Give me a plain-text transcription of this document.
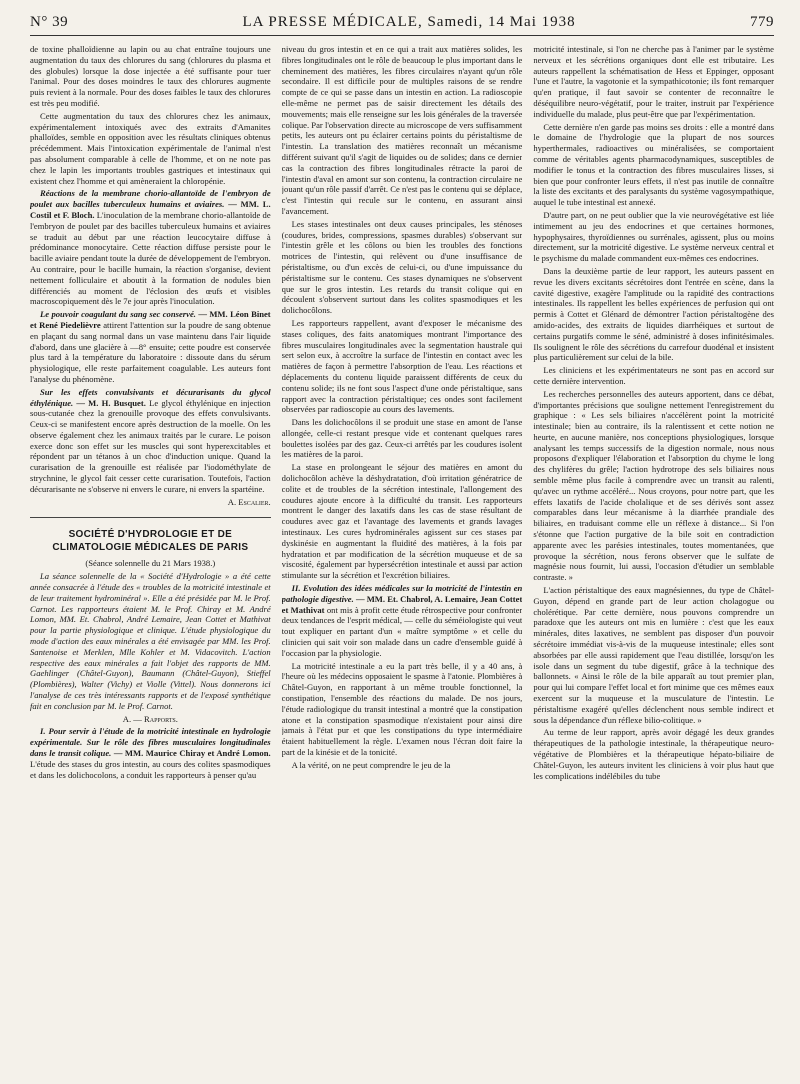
N° 39	LA PRESSE MÉDICALE, Samedi, 14 Mai 1938	779

de toxine phalloïdienne au lapin ou au chat entraîne toujours une augmentation du taux des chlorures du sang (chlorures du plasma et des globules) lorsque la dose injectée a été suffisante pour tuer l'animal. Pour des doses moindres le taux des chlorures augmente puis revient à la normale. Pour des doses faibles le taux des chlorures est très peu modifié.

Cette augmentation du taux des chlorures chez les animaux, expérimentalement intoxiqués avec des extraits d'Amanites phalloïdes, semble en opposition avec les résultats cliniques obtenus précédemment. Mais l'intoxication expérimentale de l'animal n'est pas absolument comparable à celle de l'homme, et on ne note pas chez le lapin les importants troubles gastriques et intestinaux qui existent chez l'homme et qui amèneraient la chloropénie.

Réactions de la membrane chorio-allantoïde de l'embryon de poulet aux bacilles tuberculeux humains et aviaires. — MM. L. Costil et F. Bloch. L'inoculation de la membrane chorio-allantoïde de l'embryon de poulet par des bacilles tuberculeux humains et aviaires se traduit au début par une réaction leucocytaire diffuse à prédominance monocytaire. Cette réaction diffuse persiste pour le bacille aviaire pendant toute la durée de développement de l'embryon. Au contraire, pour le bacille humain, la réaction s'organise, devient nettement folliculaire et aboutit à la formation de nodules bien différenciés au moment de l'éclosion des œufs et visibles macroscopiquement dès le 7e jour après l'inoculation.

Le pouvoir coagulant du sang sec conservé. — MM. Léon Binet et René Piedelièvre attirent l'attention sur la poudre de sang obtenue en plaçant du sang normal dans un vase maintenu dans l'air liquide d'abord, dans une glacière à —8° ensuite; cette poudre est conservée plus tard à la température du laboratoire : dissoute dans du sérum physiologique, elle reste parfaitement coagulable. Les auteurs font l'analyse du phénomène.

Sur les effets convulsivants et décurarisants du glycol éthylénique. — M. H. Busquet. Le glycol éthylénique en injection sous-cutanée chez la grenouille provoque des effets convulsivants. Ceux-ci se manifestent encore après destruction de la moelle. On les observe également chez les animaux traités par le curare. Le poison exerce donc son effet sur les muscles qui sont hyperexcitables et répondent par un tétanos à un choc d'induction unique. Quand la curarisation de la grenouille est réalisée par l'iodométhylate de strychnine, le glycol fait cesser cette curarisation. Toutefois, l'action décurarisante ne s'observe ni envers le curare, ni envers la spartéine.

A. Escalier.

SOCIÉTÉ D'HYDROLOGIE ET DE CLIMATOLOGIE MÉDICALES DE PARIS

(Séance solennelle du 21 Mars 1938.)

La séance solennelle de la « Société d'Hydrologie » a été cette année consacrée à l'étude des « troubles de la motricité intestinale et de leur traitement hydrominéral ». Elle a été présidée par M. le Prof. Carnot. Les rapporteurs étaient M. le Prof. Chiray et M. André Lomon, MM. Et. Chabrol, André Lemaire, Jean Cottet et Mathivat pour la partie physiologique et clinique. L'étude physiologique du mode d'action des eaux minérales a été envisagée par MM. les Prof. Santenoise et Merklen, Mlle Kohler et M. Vidacovitch. L'action respective des eaux minérales a fait l'objet des rapports de MM. Gaehlinger (Châtel-Guyon), Baumann (Châtel-Guyon), Stieffel (Plombières), Walter (Vichy) et Violle (Vittel). Nous donnerons ici l'analyse de ces très intéressants rapports et de l'exposé synthétique fait en conclusion par M. le Prof. Carnot.

A. — Rapports.

I. Pour servir à l'étude de la motricité intestinale en hydrologie expérimentale. Sur le rôle des fibres musculaires longitudinales dans le transit colique. — MM. Maurice Chiray et André Lomon. L'étude des stases du gros intestin, au cours des colites spasmodiques et dans les dolichocolons, a conduit les rapporteurs à penser qu'au

niveau du gros intestin et en ce qui a trait aux matières solides, les fibres longitudinales ont le rôle de beaucoup le plus important dans le cheminement des matières, les fibres circulaires n'ayant qu'un rôle secondaire. Il est difficile pour de multiples raisons de se rendre compte de ce qui se passe dans un intestin en action. La radioscopie elle-même ne permet pas de saisir directement les détails des mouvements; mais elle renseigne sur les lois générales de la traversée colique. Par l'observation directe au microscope de vers suffisamment petits, les auteurs ont pu éclairer certains points du péristaltisme de l'intestin. La translation des matières reconnaît un mécanisme différent suivant qu'il s'agit de liquides ou de solides; dans ce dernier cas la contraction des fibres longitudinales rétracte la paroi de l'intestin d'aval en amont sur son contenu, la contraction circulaire ne jouant qu'un rôle passif d'arrêt. Ce n'est pas le contenu qui se déplace, c'est l'intestin qui recule sur le contenu, en assurant ainsi l'avancement.

Les stases intestinales ont deux causes principales, les sténoses (coudures, brides, compressions, spasmes durables) s'observant sur l'intestin grêle et les côlons ou bien les troubles des fonctions motrices de l'intestin, qui relèvent ou d'une insuffisance de péristaltisme, ou d'un excès de celui-ci, ou d'une impuissance du péristaltisme sur le contenu. Ces stases dynamiques ne s'observent que sur le gros intestin. Les retards du transit colique qui en découlent s'observent surtout dans les colites spasmodiques et les dolichocôlons.

Les rapporteurs rappellent, avant d'exposer le mécanisme des stases coliques, des faits anatomiques montrant l'importance des fibres musculaires longitudinales avec la segmentation haustrale qui sert selon eux, à accroître la surface de l'intestin en contact avec les matières de façon à permettre l'absorption de l'eau. Les réactions et déplacements du contenu liquide paraissent différents de ceux du contenu solide; ils ne font sous l'aspect d'une onde péristaltique, sans rapport avec la contraction péristaltique; ces ondes sont facilement observées par radioscopie au cours des lavements.

Dans les dolichocôlons il se produit une stase en amont de l'anse allongée, celle-ci restant presque vide et contenant quelques rares boulettes isolées par des gaz. Ceux-ci arrêtés par les coudures isolent les matières de la paroi.

La stase en prolongeant le séjour des matières en amont du dolichocôlon achève la déshydratation, d'où irritation génératrice de colite et de troubles de la sécrétion intestinale, l'allongement des coudures ajoute encore à la difficulté du transit. Les rapporteurs montrent le danger des laxatifs dans les cas de stase résultant de coudures avec gaz et l'avantage des lavements et grands lavages intestinaux. Les cures hydrominérales agissent sur ces stases par dyskinésie en augmentant la fluidité des matières, à la fois par hydratation et par modification de la sécrétion muqueuse et de sa viscosité, également par hypersécrétion intestinale et aussi par action stimulante sur la sécrétion et l'excrétion biliaires.

II. Evolution des idées médicales sur la motricité de l'intestin en pathologie digestive. — MM. Et. Chabrol, A. Lemaire, Jean Cottet et Mathivat ont mis à profit cette étude rétrospective pour confronter deux tendances de l'esprit médical, — celle du séméiologiste qui veut tout expliquer en partant d'un « maître symptôme » et celle du clinicien qui sait voir son malade dans un cadre d'ensemble guidé à l'occasion par la physiologie.

La motricité intestinale a eu la part très belle, il y a 40 ans, à l'heure où les médecins opposaient le spasme à l'atonie. Plombières à Châtel-Guyon, en rapportant à un même trouble fonctionnel, la constipation, l'ensemble des réactions du malade. De nos jours, l'étude radiologique du transit intestinal a montré que la constipation atone et la constipation spasmodique n'existaient pour ainsi dire jamais à l'état pur et que les constipations du type intermédiaire étaient habituellement la règle. L'examen nous l'écran doit faire la part de la kinésie et de la tonicité.

A la vérité, on ne peut comprendre le jeu de la

motricité intestinale, si l'on ne cherche pas à l'animer par le système nerveux et les sécrétions organiques dont elle est tributaire. Les auteurs rappellent la schématisation de Hess et Eppinger, opposant l'une et l'autre, la vagotonie et la sympathicotonie; ils font remarquer qu'en pratique, il faut savoir se contenter de reconnaître le déséquilibre neuro-végétatif, pour le traiter, instruit par l'expérience individuelle du malade, plus peut-être que par l'expérimentation.

Cette dernière n'en garde pas moins ses droits : elle a montré dans le domaine de l'hydrologie que la plupart de nos sources hyperthermales, radioactives ou minéralisées, se comportaient comme de véritables agents pharmacodynamiques, susceptibles de modifier le tonus et la contraction des fibres musculaires lisses, si bien que pour confronter leurs effets, il n'est pas inutile de connaître la liste des excitants et des paralysants du système vagosympathique, auquel le tube intestinal est annexé.

D'autre part, on ne peut oublier que la vie neurovégétative est liée intimement au jeu des endocrines et que certaines hormones, hypophysaires, thyroïdiennes ou surrénales, agissent, plus ou moins directement, sur la motricité digestive. Le système nerveux central et le psychisme du malade commandent eux-mêmes ces endocrines.

Dans la deuxième partie de leur rapport, les auteurs passent en revue les divers excitants sécrétoires dont l'entrée en scène, dans la cavité digestive, exagère l'amplitude ou la rapidité des contractions intestinales. Ils rappellent les belles expériences de perfusion qui ont permis à Cottet et Glénard de démontrer l'action péristaltogène des amido-acides, des extraits de liquides diarrhéiques et surtout de certains purgatifs comme le séné, administré à doses infinitésimales. Ils soulignent le rôle des sécrétions du carrefour duodénal et insistent plus particulièrement sur celui de la bile.

Les cliniciens et les expérimentateurs ne sont pas en accord sur cette dernière intervention.

Les recherches personnelles des auteurs apportent, dans ce débat, d'importantes précisions que souligne nettement l'enregistrement du graphique : « Les sels biliaires n'accélèrent point la motricité intestinale; bien au contraire, ils la ralentissent et cette notion ne heurte, en aucune manière, nos conceptions physiologiques, lorsque analysant les temps successifs de la digestion normale, nous nous proposons d'expliquer l'élaboration et l'absorption du chyme le long des chylifères du grêle; l'action hydrotrope des sels biliaires nous semble même plus facile à comprendre avec un transit au ralenti, qu'avec un rythme accéléré... Nous croyons, pour notre part, que les effets laxatifs de l'acide cholalique et de ses dérivés sont assez comparables dans leur mécanisme à la diarrhée prandiale des biliaires, en traduisant comme elle un réflexe à distance... Si l'on s'étonne que l'action purgative de la bile soit en contradiction apparente avec les parésies intestinales, toutes momentanées, que provoque la sécrétion, nous ferons observer que le sulfate de magnésie nous fournit, lui aussi, l'occasion d'étudier un semblable contraste. »

L'action péristaltique des eaux magnésiennes, du type de Châtel-Guyon, dépend en grande part de leur action cholagogue ou cholérétique. Par cette dernière, nous pouvons comprendre un paradoxe que les auteurs ont mis en lumière : c'est que les eaux minérales, dites laxatives, ne semblent pas disposer d'un pouvoir sécrétoire immédiat vis-à-vis de la muqueuse intestinale; elles sont absorbées par elle aussi rapidement que l'eau distillée, lorsqu'on les isole dans un segment du tube digestif, grâce à la technique des ballonnets. « Ainsi le rôle de la bile apparaît au tout premier plan, pour qui lui compare l'effet local et fort minime que ces mêmes eaux exercent sur la muqueuse et la musculature de l'intestin. Le péristaltisme exagéré qu'elles déclenchent nous semble indirect et sous la dépendance d'un réflexe bilio-colitique. »

Au terme de leur rapport, après avoir dégagé les deux grandes thérapeutiques de la pathologie intestinale, la thérapeutique neuro-végétative de Plombières et la thérapeutique hépato-biliaire de Châtel-Guyon, les auteurs invitent les cliniciens à voir plus haut que les complications indélébiles du tube
